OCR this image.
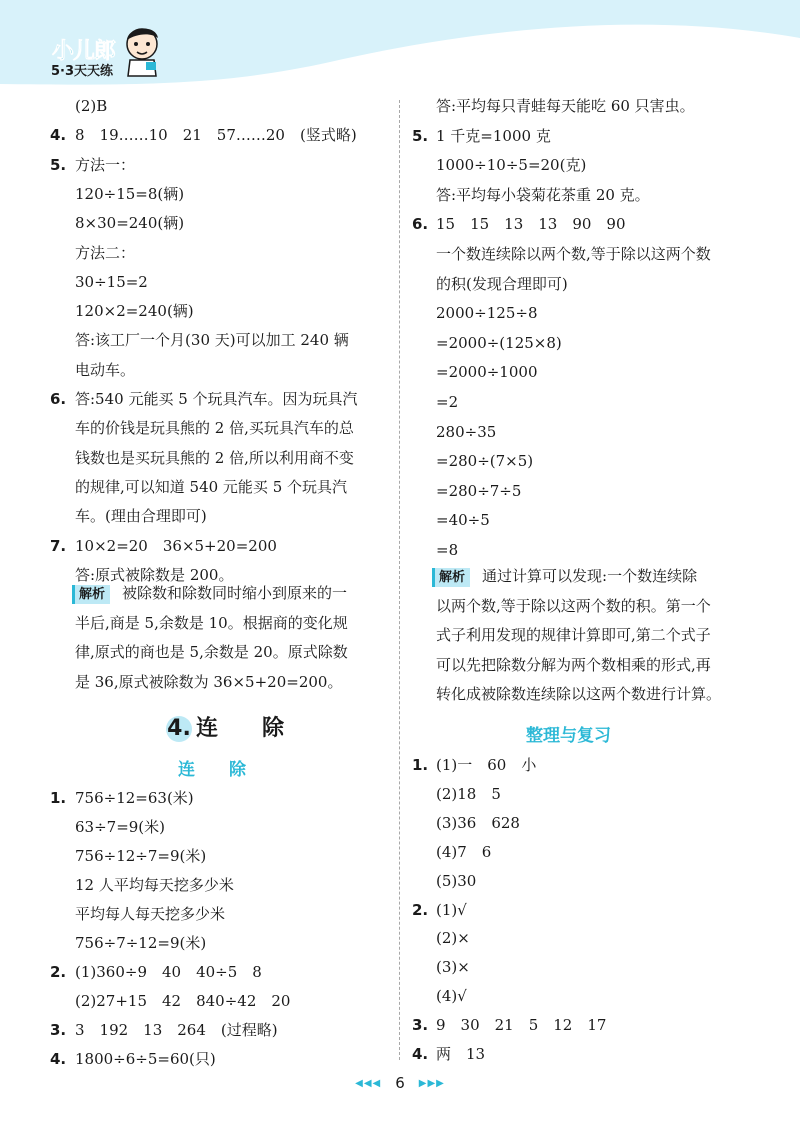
小儿郎
5·3天天练
(2)B
4. 8　19……10　21　57……20　(竖式略)
5. 方法一：
120÷15=8(辆)
8×30=240(辆)
方法二：
30÷15=2
120×2=240(辆)
答:该工厂一个月(30 天)可以加工 240 辆
电动车。
6. 答:540 元能买 5 个玩具汽车。因为玩具汽
车的价钱是玩具熊的 2 倍,买玩具汽车的总
钱数也是买玩具熊的 2 倍,所以利用商不变
的规律,可以知道 540 元能买 5 个玩具汽
车。(理由合理即可)
7. 10×2=20　36×5+20=200
答:原式被除数是 200。
解析 被除数和除数同时缩小到原来的一
半后,商是 5,余数是 10。根据商的变化规
律,原式的商也是 5,余数是 20。原式除数
是 36,原式被除数为 36×5+20=200。
4. 连　　除
连　　除
1. 756÷12=63(米)
63÷7=9(米)
756÷12÷7=9(米)
12 人平均每天挖多少米
平均每人每天挖多少米
756÷7÷12=9(米)
2. (1)360÷9　40　40÷5　8
(2)27+15　42　840÷42　20
3. 3　192　13　264　(过程略)
4. 1800÷6÷5=60(只)
答:平均每只青蛙每天能吃 60 只害虫。
5. 1 千克=1000 克
1000÷10÷5=20(克)
答:平均每小袋菊花茶重 20 克。
6. 15　15　13　13　90　90
一个数连续除以两个数,等于除以这两个数
的积(发现合理即可)
2000÷125÷8
=2000÷(125×8)
=2000÷1000
=2
280÷35
=280÷(7×5)
=280÷7÷5
=40÷5
=8
解析 通过计算可以发现:一个数连续除
以两个数,等于除以这两个数的积。第一个
式子利用发现的规律计算即可,第二个式子
可以先把除数分解为两个数相乘的形式,再
转化成被除数连续除以这两个数进行计算。
整理与复习
1. (1)一　60　小
(2)18　5
(3)36　628
(4)7　6
(5)30
2. (1)√
(2)×
(3)×
(4)√
3. 9　30　21　5　12　17
4. 两　13
◀◀◀ 6 ▶▶▶
